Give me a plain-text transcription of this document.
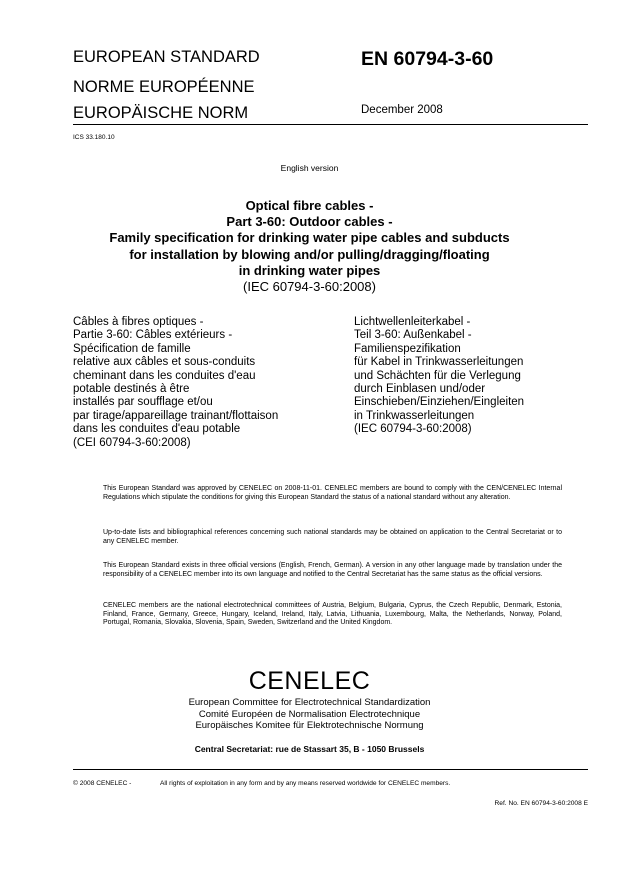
EUROPEAN STANDARD
NORME EUROPÉENNE
EUROPÄISCHE NORM
EN 60794-3-60
December 2008
ICS 33.180.10
English version
Optical fibre cables -
Part 3-60: Outdoor cables -
Family specification for drinking water pipe cables and subducts
for installation by blowing and/or pulling/dragging/floating
in drinking water pipes
(IEC 60794-3-60:2008)
Câbles à fibres optiques -
Partie 3-60: Câbles extérieurs -
Spécification de famille
relative aux câbles et sous-conduits
cheminant dans les conduites d'eau
potable destinés à être
installés par soufflage et/ou
par tirage/appareillage trainant/flottaison
dans les conduites d'eau potable
(CEI 60794-3-60:2008)
Lichtwellenleiterkabel -
Teil 3-60: Außenkabel -
Familienspezifikation
für Kabel in Trinkwasserleitungen
und Schächten für die Verlegung
durch Einblasen und/oder
Einschieben/Einziehen/Eingleiten
in Trinkwasserleitungen
(IEC 60794-3-60:2008)
This European Standard was approved by CENELEC on 2008-11-01. CENELEC members are bound to comply with the CEN/CENELEC Internal Regulations which stipulate the conditions for giving this European Standard the status of a national standard without any alteration.
Up-to-date lists and bibliographical references concerning such national standards may be obtained on application to the Central Secretariat or to any CENELEC member.
This European Standard exists in three official versions (English, French, German). A version in any other language made by translation under the responsibility of a CENELEC member into its own language and notified to the Central Secretariat has the same status as the official versions.
CENELEC members are the national electrotechnical committees of Austria, Belgium, Bulgaria, Cyprus, the Czech Republic, Denmark, Estonia, Finland, France, Germany, Greece, Hungary, Iceland, Ireland, Italy, Latvia, Lithuania, Luxembourg, Malta, the Netherlands, Norway, Poland, Portugal, Romania, Slovakia, Slovenia, Spain, Sweden, Switzerland and the United Kingdom.
CENELEC
European Committee for Electrotechnical Standardization
Comité Européen de Normalisation Electrotechnique
Europäisches Komitee für Elektrotechnische Normung
Central Secretariat: rue de Stassart 35, B - 1050 Brussels
© 2008 CENELEC -	All rights of exploitation in any form and by any means reserved worldwide for CENELEC members.
Ref. No. EN 60794-3-60:2008 E
